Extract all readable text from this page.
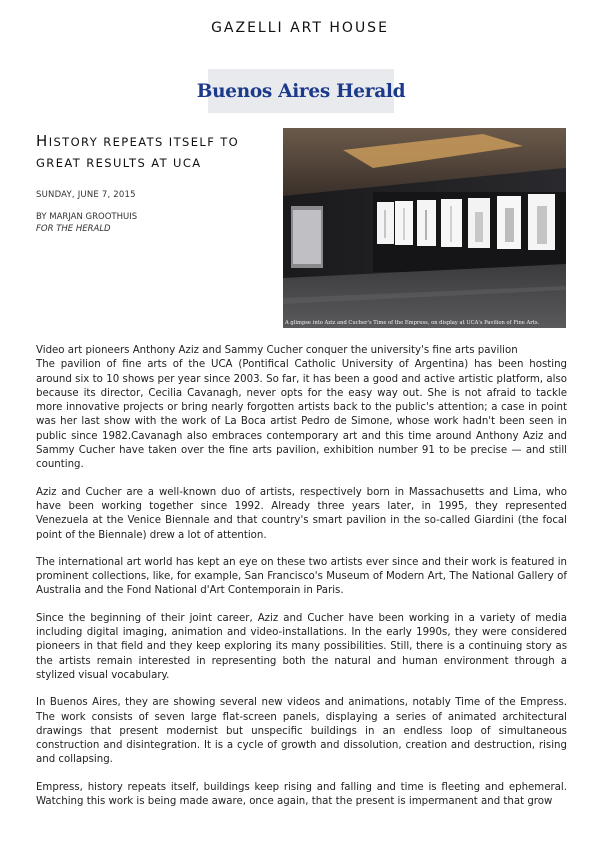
GAZELLI ART HOUSE
Buenos Aires Herald
HISTORY REPEATS ITSELF TO
GREAT RESULTS AT UCA
SUNDAY, JUNE 7, 2015
BY MARJAN GROOTHUIS
FOR THE HERALD
A glimpse into Aziz and Cucher's Time of the Empress, on display at UCA's Pavilion of Fine Arts.

Video art pioneers Anthony Aziz and Sammy Cucher conquer the university's fine arts pavilion

The pavilion of fine arts of the UCA (Pontifical Catholic University of Argentina) has been hosting around six to 10 shows per year since 2003. So far, it has been a good and active artistic platform, also because its director, Cecilia Cavanagh, never opts for the easy way out. She is not afraid to tackle more innovative projects or bring nearly forgotten artists back to the public's attention; a case in point was her last show with the work of La Boca artist Pedro de Simone, whose work hadn't been seen in public since 1982.Cavanagh also embraces contemporary art and this time around Anthony Aziz and Sammy Cucher have taken over the fine arts pavilion, exhibition number 91 to be precise — and still counting.

Aziz and Cucher are a well-known duo of artists, respectively born in Massachusetts and Lima, who have been working together since 1992. Already three years later, in 1995, they represented Venezuela at the Venice Biennale and that country's smart pavilion in the so-called Giardini (the focal point of the Biennale) drew a lot of attention.

The international art world has kept an eye on these two artists ever since and their work is featured in prominent collections, like, for example, San Francisco's Museum of Modern Art, The National Gallery of Australia and the Fond National d'Art Contemporain in Paris.

Since the beginning of their joint career, Aziz and Cucher have been working in a variety of media including digital imaging, animation and video-installations. In the early 1990s, they were considered pioneers in that field and they keep exploring its many possibilities. Still, there is a continuing story as the artists remain interested in representing both the natural and human environment through a stylized visual vocabulary.

In Buenos Aires, they are showing several new videos and animations, notably Time of the Empress. The work consists of seven large flat-screen panels, displaying a series of animated architectural drawings that present modernist but unspecific buildings in an endless loop of simultaneous construction and disintegration. It is a cycle of growth and dissolution, creation and destruction, rising and collapsing.

Empress, history repeats itself, buildings keep rising and falling and time is fleeting and ephemeral. Watching this work is being made aware, once again, that the present is impermanent and that grow
